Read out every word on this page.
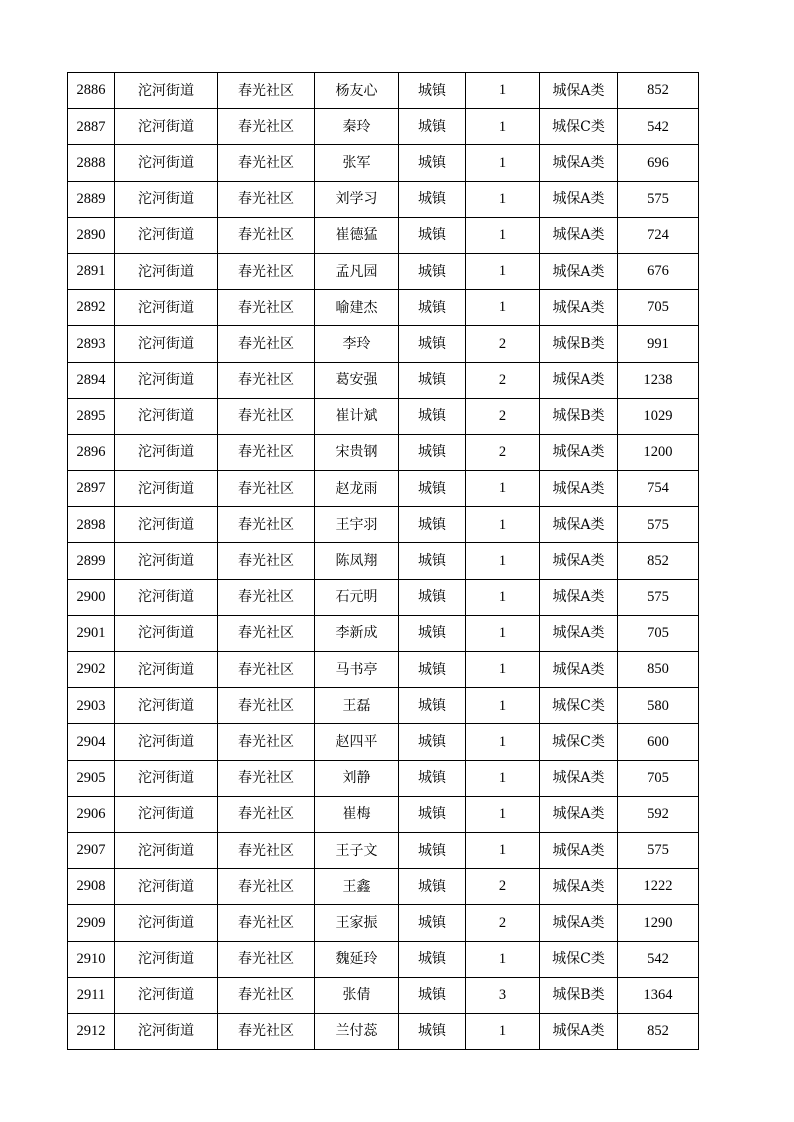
2886	沱河街道	春光社区	杨友心	城镇	1	城保A类	852
2887	沱河街道	春光社区	秦玲	城镇	1	城保C类	542
2888	沱河街道	春光社区	张军	城镇	1	城保A类	696
2889	沱河街道	春光社区	刘学习	城镇	1	城保A类	575
2890	沱河街道	春光社区	崔德猛	城镇	1	城保A类	724
2891	沱河街道	春光社区	孟凡园	城镇	1	城保A类	676
2892	沱河街道	春光社区	喻建杰	城镇	1	城保A类	705
2893	沱河街道	春光社区	李玲	城镇	2	城保B类	991
2894	沱河街道	春光社区	葛安强	城镇	2	城保A类	1238
2895	沱河街道	春光社区	崔计斌	城镇	2	城保B类	1029
2896	沱河街道	春光社区	宋贵钢	城镇	2	城保A类	1200
2897	沱河街道	春光社区	赵龙雨	城镇	1	城保A类	754
2898	沱河街道	春光社区	王宇羽	城镇	1	城保A类	575
2899	沱河街道	春光社区	陈凤翔	城镇	1	城保A类	852
2900	沱河街道	春光社区	石元明	城镇	1	城保A类	575
2901	沱河街道	春光社区	李新成	城镇	1	城保A类	705
2902	沱河街道	春光社区	马书亭	城镇	1	城保A类	850
2903	沱河街道	春光社区	王磊	城镇	1	城保C类	580
2904	沱河街道	春光社区	赵四平	城镇	1	城保C类	600
2905	沱河街道	春光社区	刘静	城镇	1	城保A类	705
2906	沱河街道	春光社区	崔梅	城镇	1	城保A类	592
2907	沱河街道	春光社区	王子文	城镇	1	城保A类	575
2908	沱河街道	春光社区	王鑫	城镇	2	城保A类	1222
2909	沱河街道	春光社区	王家振	城镇	2	城保A类	1290
2910	沱河街道	春光社区	魏延玲	城镇	1	城保C类	542
2911	沱河街道	春光社区	张倩	城镇	3	城保B类	1364
2912	沱河街道	春光社区	兰付蕊	城镇	1	城保A类	852
